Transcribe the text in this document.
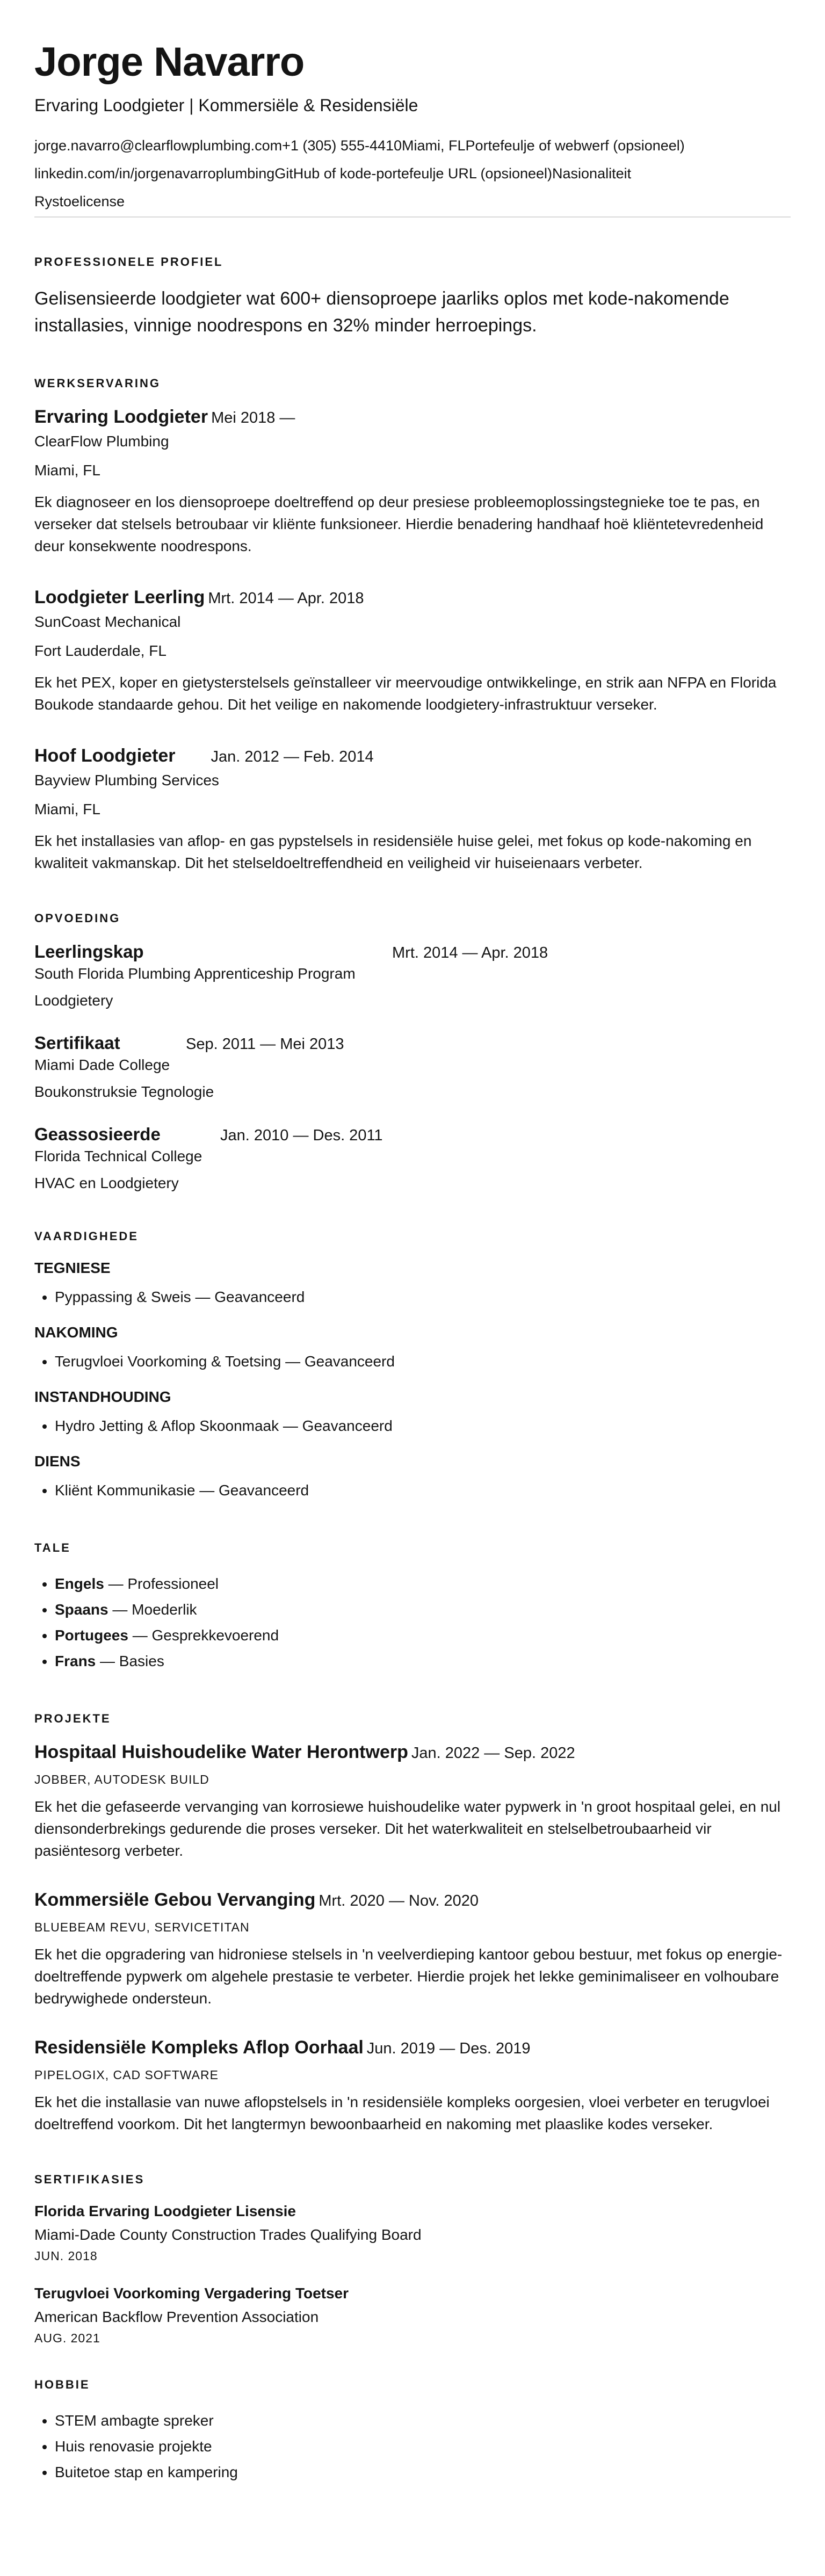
Jorge Navarro
Ervaring Loodgieter | Kommersiële & Residensiële
jorge.navarro@clearflowplumbing.com+1 (305) 555-4410Miami, FLPortefeulje of webwerf (opsioneel)
linkedin.com/in/jorgenavarroplumbingGitHub of kode-portefeulje URL (opsioneel)Nasionaliteit
Rystoelicense
PROFESSIONELE PROFIEL

Gelisensieerde loodgieter wat 600+ diensoproepe jaarliks oplos met kode-nakomende installasies, vinnige noodrespons en 32% minder herroepings.

WERKSERVARING
Ervaring Loodgieter Mei 2018 —
ClearFlow Plumbing
Miami, FL
Ek diagnoseer en los diensoproepe doeltreffend op deur presiese probleemoplossingstegnieke toe te pas, en verseker dat stelsels betroubaar vir kliënte funksioneer. Hierdie benadering handhaaf hoë kliëntetevredenheid deur konsekwente noodrespons.
Loodgieter Leerling Mrt. 2014 — Apr. 2018
SunCoast Mechanical
Fort Lauderdale, FL
Ek het PEX, koper en gietysterstelsels geïnstalleer vir meervoudige ontwikkelinge, en strik aan NFPA en Florida Boukode standaarde gehou. Dit het veilige en nakomende loodgietery-infrastruktuur verseker.
Hoof Loodgieter Jan. 2012 — Feb. 2014
Bayview Plumbing Services
Miami, FL
Ek het installasies van aflop- en gas pypstelsels in residensiële huise gelei, met fokus op kode-nakoming en kwaliteit vakmanskap. Dit het stelseldoeltreffendheid en veiligheid vir huiseienaars verbeter.
OPVOEDING
Leerlingskap	Mrt. 2014 — Apr. 2018
South Florida Plumbing Apprenticeship Program
Loodgietery
Sertifikaat	Sep. 2011 — Mei 2013
Miami Dade College
Boukonstruksie Tegnologie
Geassosieerde	Jan. 2010 — Des. 2011
Florida Technical College
HVAC en Loodgietery
VAARDIGHEDE
TEGNIESE
• Pyppassing & Sweis — Geavanceerd
NAKOMING
• Terugvloei Voorkoming & Toetsing — Geavanceerd
INSTANDHOUDING
• Hydro Jetting & Aflop Skoonmaak — Geavanceerd
DIENS
• Kliënt Kommunikasie — Geavanceerd
TALE
• Engels — Professioneel
• Spaans — Moederlik
• Portugees — Gesprekkevoerend
• Frans — Basies
PROJEKTE
Hospitaal Huishoudelike Water Herontwerp Jan. 2022 — Sep. 2022
JOBBER, AUTODESK BUILD
Ek het die gefaseerde vervanging van korrosiewe huishoudelike water pypwerk in 'n groot hospitaal gelei, en nul diensonderbrekings gedurende die proses verseker. Dit het waterkwaliteit en stelselbetroubaarheid vir pasiëntesorg verbeter.
Kommersiële Gebou Vervanging Mrt. 2020 — Nov. 2020
BLUEBEAM REVU, SERVICETITAN
Ek het die opgradering van hidroniese stelsels in 'n veelverdieping kantoor gebou bestuur, met fokus op energie-doeltreffende pypwerk om algehele prestasie te verbeter. Hierdie projek het lekke geminimaliseer en volhoubare bedrywighede ondersteun.
Residensiële Kompleks Aflop Oorhaal Jun. 2019 — Des. 2019
PIPELOGIX, CAD SOFTWARE
Ek het die installasie van nuwe aflopstelsels in 'n residensiële kompleks oorgesien, vloei verbeter en terugvloei doeltreffend voorkom. Dit het langtermyn bewoonbaarheid en nakoming met plaaslike kodes verseker.
SERTIFIKASIES
Florida Ervaring Loodgieter Lisensie
Miami-Dade County Construction Trades Qualifying Board
JUN. 2018
Terugvloei Voorkoming Vergadering Toetser
American Backflow Prevention Association
AUG. 2021
HOBBIE
• STEM ambagte spreker
• Huis renovasie projekte
• Buitetoe stap en kampering
